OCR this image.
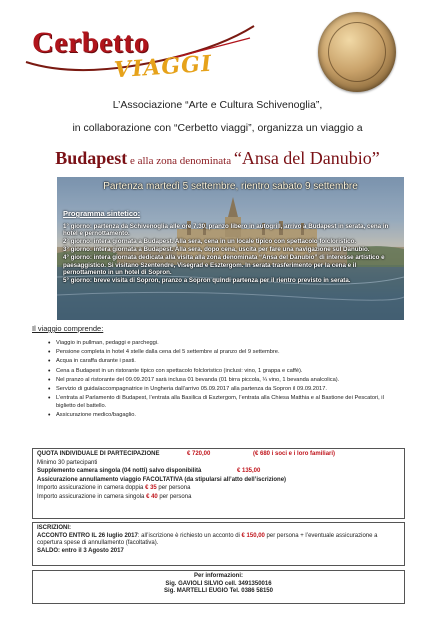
Cerbetto
VIAGGI
L’Associazione “Arte e Cultura Schivenoglia”,
in collaborazione con “Cerbetto viaggi”, organizza un viaggio a
Budapest e alla zona denominata “Ansa del Danubio”
Partenza martedì 5 settembre, rientro sabato 9 settembre
Programma sintetico:

1° giorno: partenza da Schivenoglia alle ore 7.30, pranzo libero in autogrill, arrivo a Budapest in serata, cena in hotel e pernottamento.

2° giorno: intera giornata a Budapest. Alla sera, cena in un locale tipico con spettacolo folcloristico.

3° giorno: intera giornata a Budapest. Alla sera, dopo cena, uscita per fare una navigazione sul Danubio.

4° giorno: intera giornata dedicata alla visita alla zona denominata “Ansa del Danubio” di interesse artistico e paesaggistico. Si visitano Szentendre, Visegrad e Esztergom. In serata trasferimento per la cena e il pernottamento in un hotel di Sopron.

5° giorno: breve visita di Sopron, pranzo a Sopron quindi partenza per il rientro previsto in serata.

Il viaggio comprende:
• Viaggio in pullman, pedaggi e parcheggi.
• Pensione completa in hotel 4 stelle dalla cena del 5 settembre al pranzo del 9 settembre.
• Acqua in caraffa durante i pasti.
• Cena a Budapest in un ristorante tipico con spettacolo folcloristico (inclusi: vino, 1 grappa e caffè).
• Nel pranzo al ristorante del 09.09.2017 sarà inclusa 01 bevanda (01 birra piccola, ¼ vino, 1 bevanda analcolica).
• Servizio di guida/accompagnatrice in Ungheria dall’arrivo 05.09.2017 alla partenza da Sopron il 09.09.2017.
• L’entrata al Parlamento di Budapest, l’entrata alla Basilica di Esztergom, l’entrata alla Chiesa Matthia e al Bastione dei Pescatori, il biglietto del battello.
• Assicurazione medico/bagaglio.
QUOTA INDIVIDUALE DI PARTECIPAZIONE	€ 720,00	(€ 680 i soci e i loro familiari)
Minimo 30 partecipanti
Supplemento camera singola (04 notti) salvo disponibilità	€ 135,00
Assicurazione annullamento viaggio FACOLTATIVA (da stipularsi all’atto dell’iscrizione)
Importo assicurazione in camera doppia € 35 per persona
Importo assicurazione in camera singola € 40 per persona
ISCRIZIONI:
ACCONTO ENTRO IL 26 luglio 2017: all’iscrizione è richiesto un acconto di € 150,00 per persona + l’eventuale assicurazione a copertura spese di annullamento (facoltativa).
SALDO: entro il 3 Agosto 2017
Per informazioni:
Sig. GAVIOLI SILVIO cell. 3491350016
Sig. MARTELLI EUGIO Tel. 0386 58150
